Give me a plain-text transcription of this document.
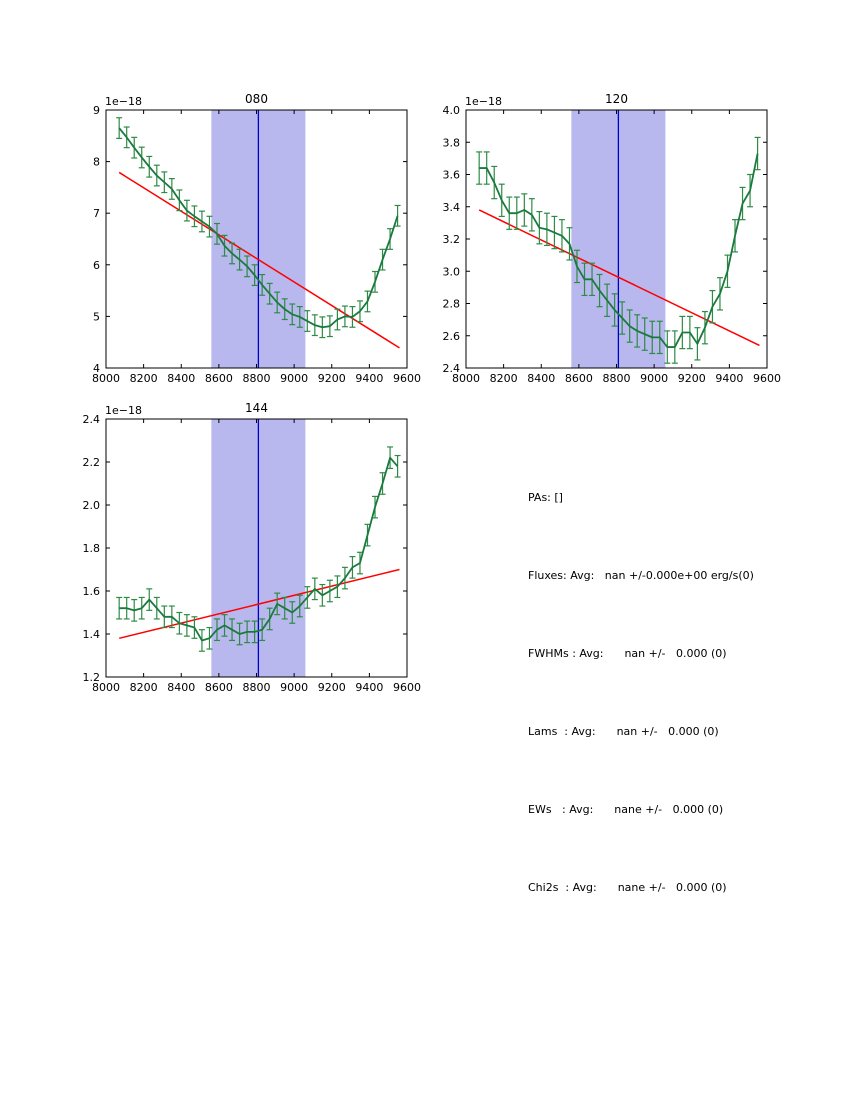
8000 8200 8400 8600 8800 9000 9200 9400 9600
4
5
6
7
8
9
080
1e−18
8000 8200 8400 8600 8800 9000 9200 9400 9600
2.4
2.6
2.8
3.0
3.2
3.4
3.6
3.8
4.0
120
1e−18
8000 8200 8400 8600 8800 9000 9200 9400 9600
1.2
1.4
1.6
1.8
2.0
2.2
2.4
144
1e−18

PAs: []

Fluxes: Avg:   nan +/-0.000e+00 erg/s(0)

FWHMs : Avg:      nan +/-   0.000 (0)

Lams  : Avg:      nan +/-   0.000 (0)

EWs   : Avg:      nane +/-   0.000 (0)

Chi2s  : Avg:      nane +/-   0.000 (0)
